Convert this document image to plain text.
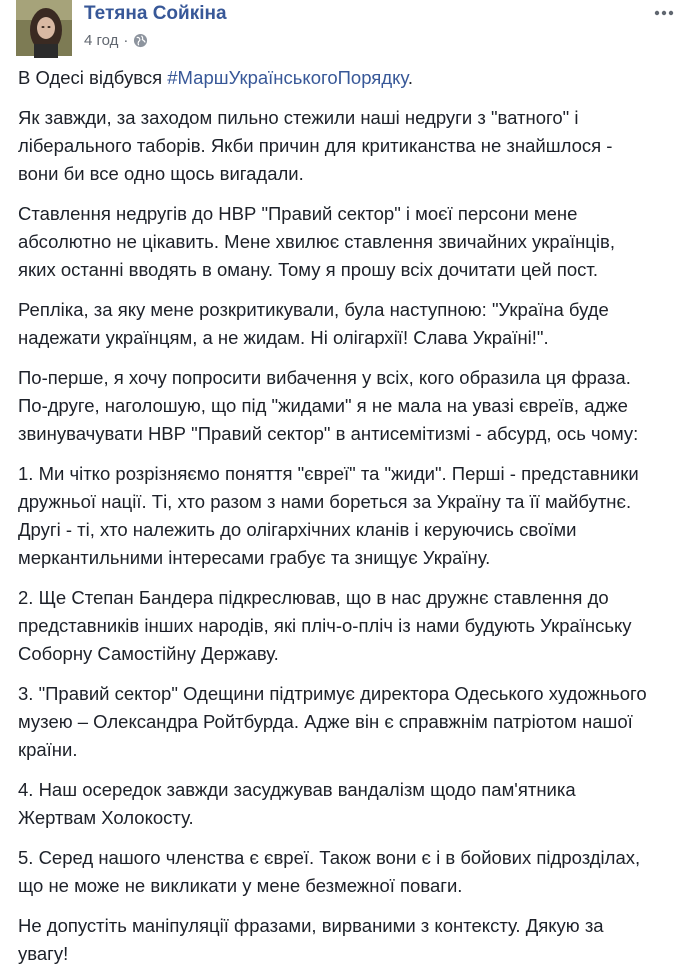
Тетяна Сойкіна
4 год ·

В Одесі відбувся #МаршУкраїнськогоПорядку.

Як завжди, за заходом пильно стежили наші недруги з "ватного" і
ліберального таборів. Якби причин для критиканства не знайшлося -
вони би все одно щось вигадали.

Ставлення недругів до НВР "Правий сектор" і моєї персони мене
абсолютно не цікавить. Мене хвилює ставлення звичайних українців,
яких останні вводять в оману. Тому я прошу всіх дочитати цей пост.

Репліка, за яку мене розкритикували, була наступною: "Україна буде
надежати українцям, а не жидам. Ні олігархії! Слава Україні!".

По-перше, я хочу попросити вибачення у всіх, кого образила ця фраза.
По-друге, наголошую, що під "жидами" я не мала на увазі євреїв, адже
звинувачувати НВР "Правий сектор" в антисемітизмі - абсурд, ось чому:

1. Ми чітко розрізняємо поняття "євреї" та "жиди". Перші - представники
дружньої нації. Ті, хто разом з нами бореться за Україну та її майбутнє.
Другі - ті, хто належить до олігархічних кланів і керуючись своїми
меркантильними інтересами грабує та знищує Україну.

2. Ще Степан Бандера підкреслював, що в нас дружнє ставлення до
представників інших народів, які пліч-о-пліч із нами будують Українську
Соборну Самостійну Державу.

3. "Правий сектор" Одещини підтримує директора Одеського художнього
музею – Олександра Ройтбурда. Адже він є справжнім патріотом нашої
країни.

4. Наш осередок завжди засуджував вандалізм щодо пам'ятника
Жертвам Холокосту.

5. Серед нашого членства є євреї. Також вони є і в бойових підрозділах,
що не може не викликати у мене безмежної поваги.

Не допустіть маніпуляції фразами, вирваними з контексту. Дякую за
увагу!
